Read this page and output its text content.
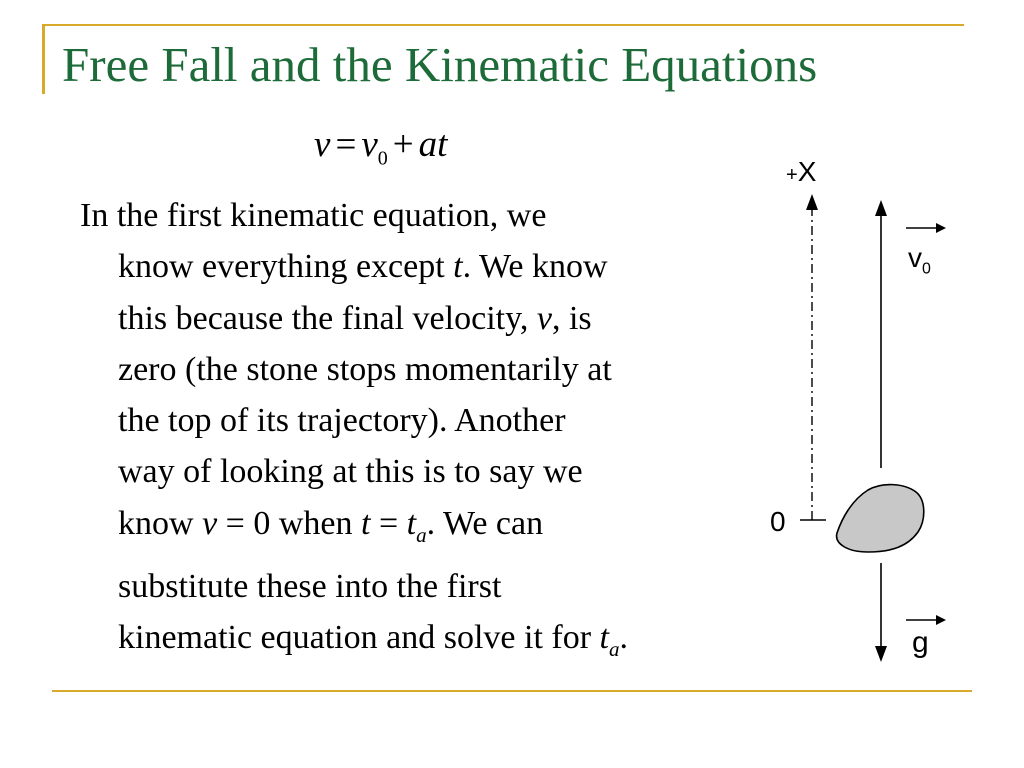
Free Fall and the Kinematic Equations
$v = v_0$ + at
In the first kinematic equation, we
know everything except t. We know
this because the final velocity, v, is
zero (the stone stops momentarily at
the top of its trajectory). Another
way of looking at this is to say we
know v = 0 when $t = t_a$. We can
substitute these into the first
kinematic equation and solve it for $t_a$.
+X
$v_0$
0
g
